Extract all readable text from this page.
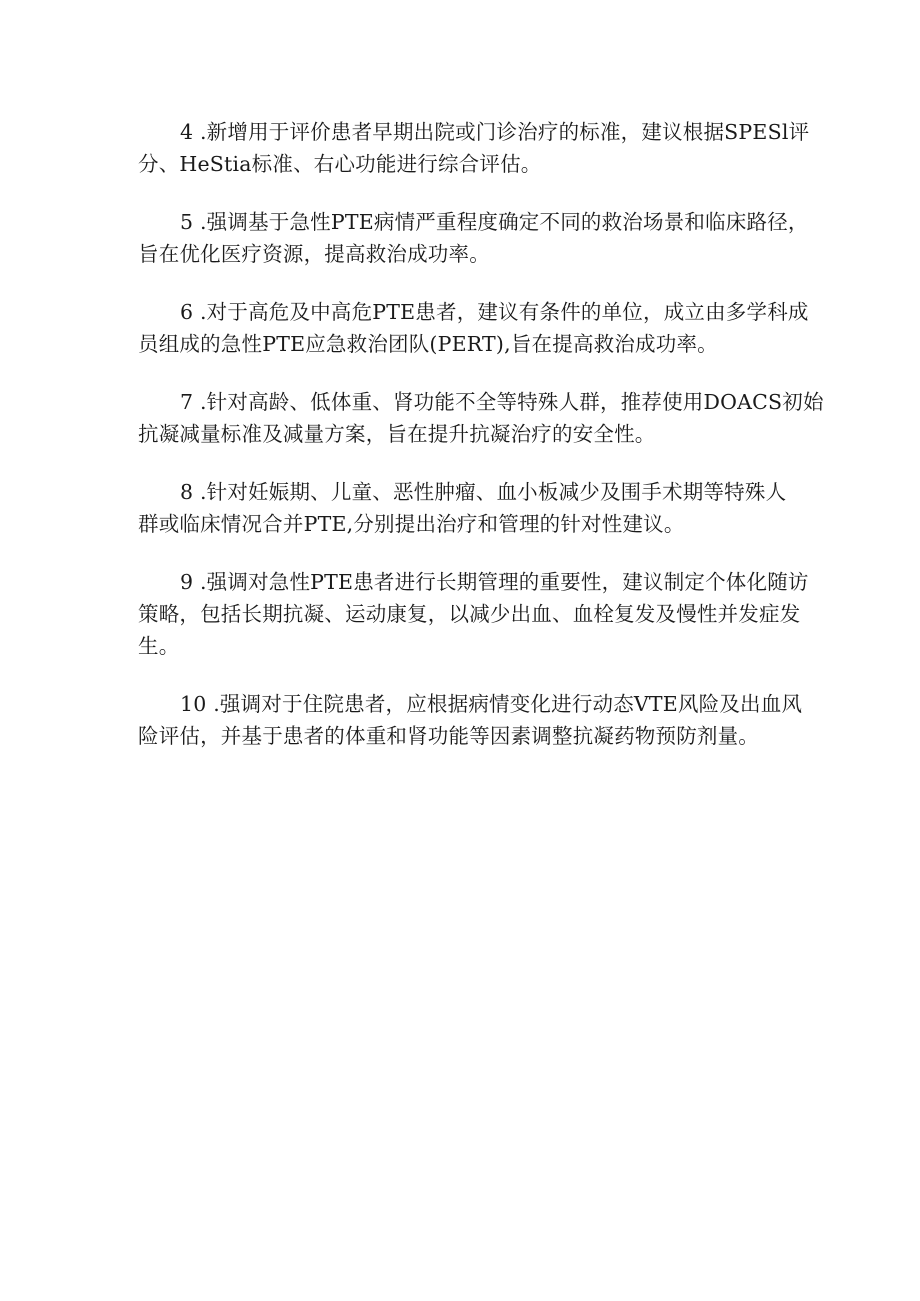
4 .新增用于评价患者早期出院或门诊治疗的标准，建议根据SPESl评
分、HeStia标准、右心功能进行综合评估。
5 .强调基于急性PTE病情严重程度确定不同的救治场景和临床路径，
旨在优化医疗资源，提高救治成功率。
6 .对于高危及中高危PTE患者，建议有条件的单位，成立由多学科成
员组成的急性PTE应急救治团队(PERT),旨在提高救治成功率。
7 .针对高龄、低体重、肾功能不全等特殊人群，推荐使用DOACS初始
抗凝减量标准及减量方案，旨在提升抗凝治疗的安全性。
8 .针对妊娠期、儿童、恶性肿瘤、血小板减少及围手术期等特殊人
群或临床情况合并PTE,分别提出治疗和管理的针对性建议。
9 .强调对急性PTE患者进行长期管理的重要性，建议制定个体化随访
策略，包括长期抗凝、运动康复，以减少出血、血栓复发及慢性并发症发
生。
10 .强调对于住院患者，应根据病情变化进行动态VTE风险及出血风
险评估，并基于患者的体重和肾功能等因素调整抗凝药物预防剂量。
